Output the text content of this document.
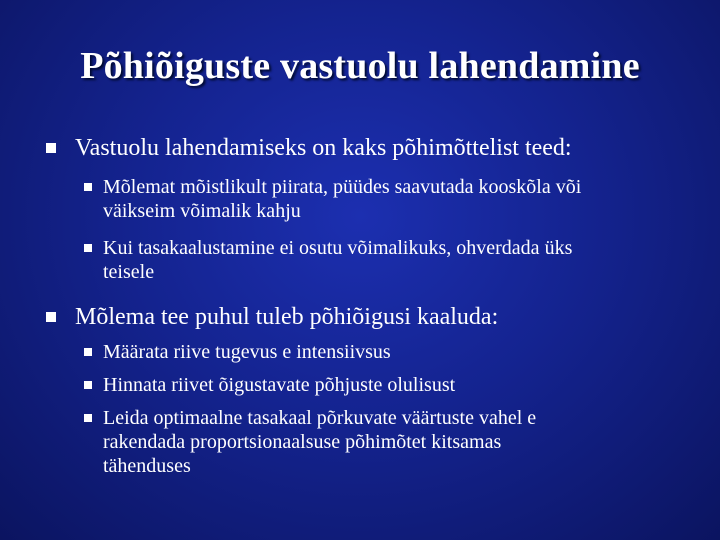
Põhiõiguste vastuolu lahendamine
Vastuolu lahendamiseks on kaks põhimõttelist teed:
Mõlemat mõistlikult piirata, püüdes saavutada kooskõla või
väikseim võimalik kahju
Kui tasakaalustamine ei osutu võimalikuks, ohverdada üks
teisele
Mõlema tee puhul tuleb põhiõigusi kaaluda:
Määrata riive tugevus e intensiivsus
Hinnata riivet õigustavate põhjuste olulisust
Leida optimaalne tasakaal põrkuvate väärtuste vahel e
rakendada proportsionaalsuse põhimõtet kitsamas
tähenduses
